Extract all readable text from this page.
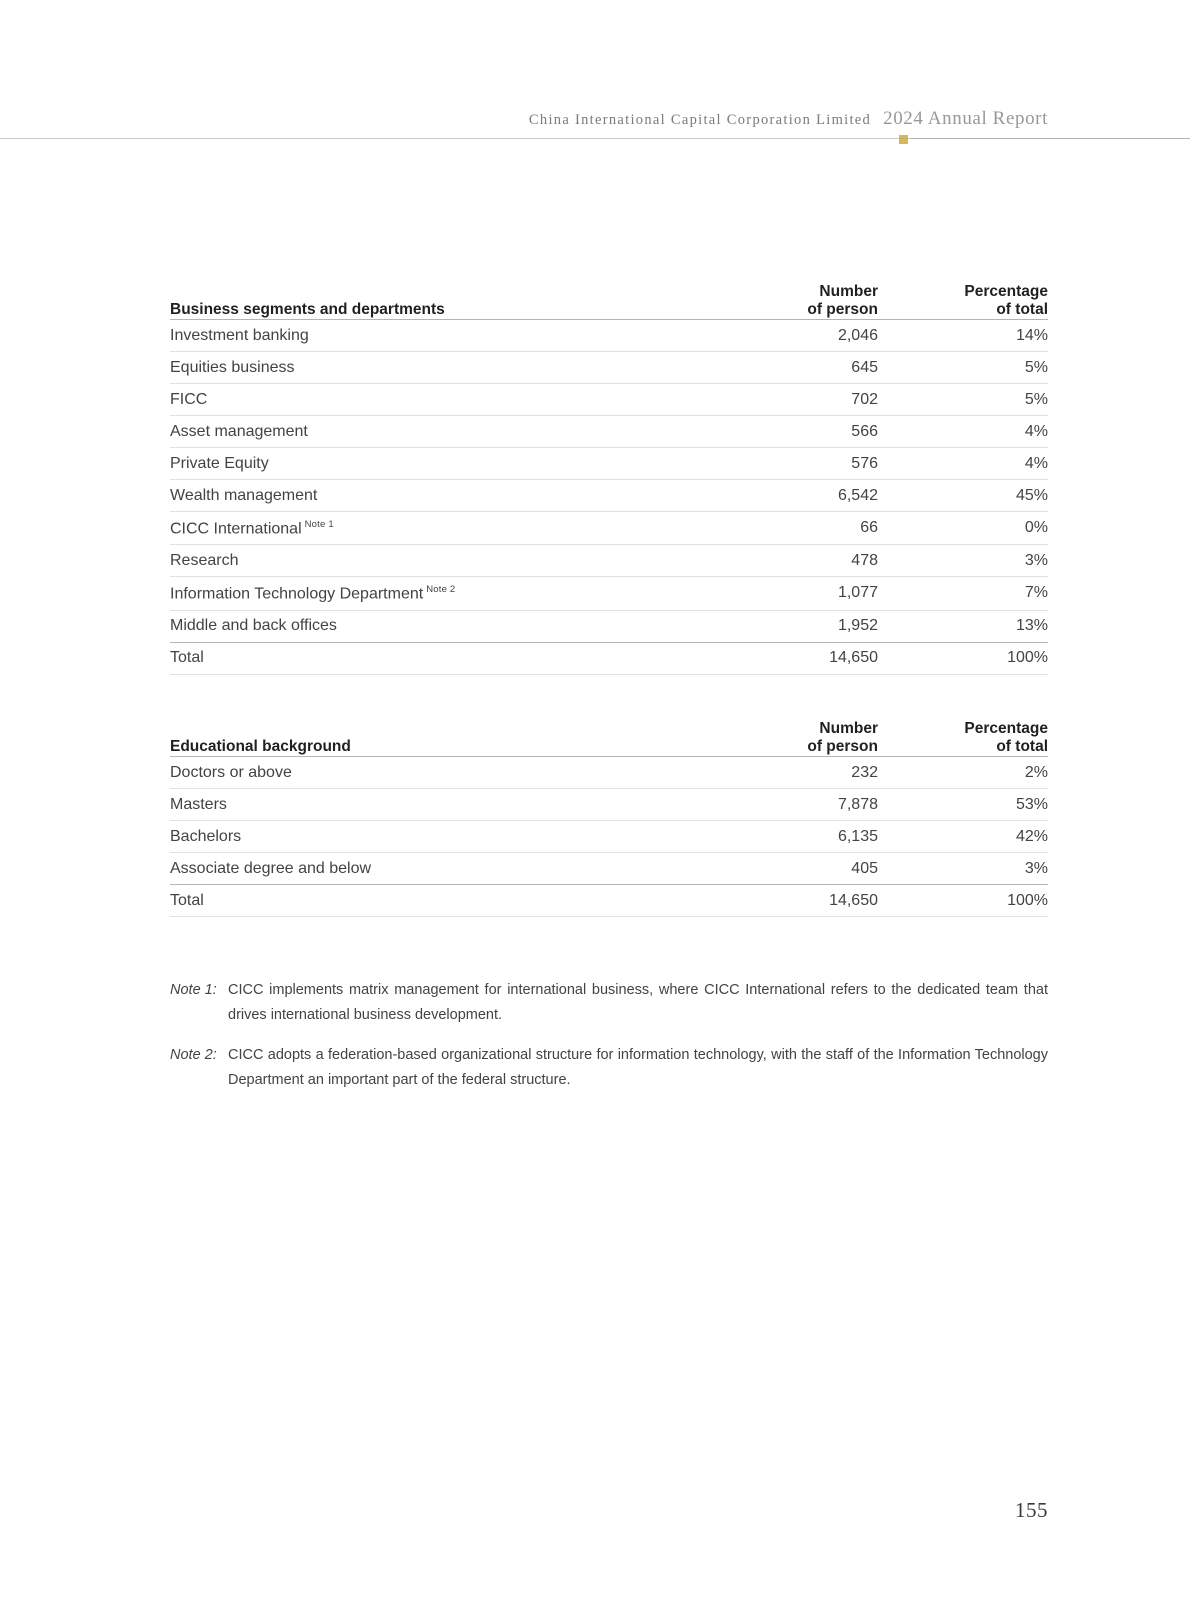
China International Capital Corporation Limited 2024 Annual Report
	Number	Percentage
Business segments and departments	of person	of total
Investment banking	2,046	14%
Equities business	645	5%
FICC	702	5%
Asset management	566	4%
Private Equity	576	4%
Wealth management	6,542	45%
CICC International $^{Note 1}$	66	0%
Research	478	3%
Information Technology Department $^{Note 2}$	1,077	7%
Middle and back offices	1,952	13%
Total	14,650	100%
	Number	Percentage
Educational background	of person	of total
Doctors or above	232	2%
Masters	7,878	53%
Bachelors	6,135	42%
Associate degree and below	405	3%
Total	14,650	100%
Note 1: CICC implements matrix management for international business, where CICC International refers to the dedicated team that drives international business development.
Note 2: CICC adopts a federation-based organizational structure for information technology, with the staff of the Information Technology Department an important part of the federal structure.
155
